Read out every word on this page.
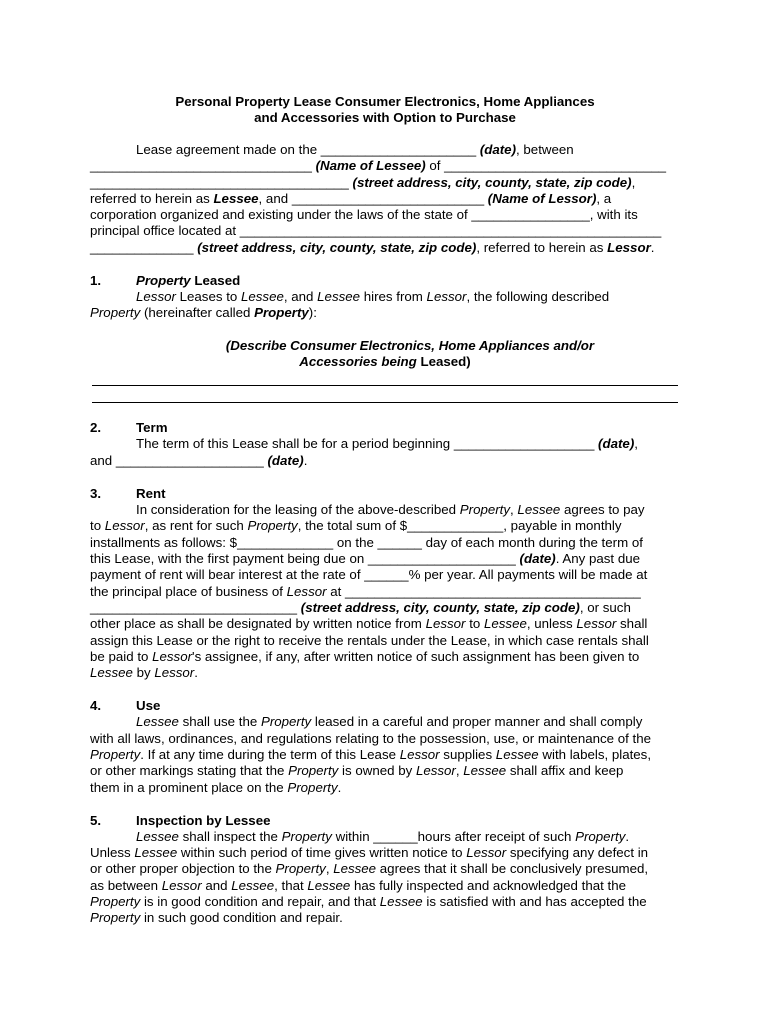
Personal Property Lease Consumer Electronics, Home Appliances

and Accessories with Option to Purchase

Lease agreement made on the _____________________ (date), between

______________________________ (Name of Lessee) of ______________________________

___________________________________ (street address, city, county, state, zip code),

referred to herein as Lessee, and __________________________ (Name of Lessor), a

corporation organized and existing under the laws of the state of ________________, with its

principal office located at _________________________________________________________

______________ (street address, city, county, state, zip code), referred to herein as Lessor.

1.	Property Leased

Lessor Leases to Lessee, and Lessee hires from Lessor, the following described

Property (hereinafter called Property):

(Describe Consumer Electronics, Home Appliances and/or

Accessories being Leased)

2.	Term

The term of this Lease shall be for a period beginning ___________________ (date),

and ____________________ (date).

3.	Rent

In consideration for the leasing of the above-described Property, Lessee agrees to pay

to Lessor, as rent for such Property, the total sum of $_____________, payable in monthly

installments as follows: $_____________ on the ______ day of each month during the term of

this Lease, with the first payment being due on ____________________ (date). Any past due

payment of rent will bear interest at the rate of ______% per year. All payments will be made at

the principal place of business of Lessor at ________________________________________

____________________________ (street address, city, county, state, zip code), or such

other place as shall be designated by written notice from Lessor to Lessee, unless Lessor shall

assign this Lease or the right to receive the rentals under the Lease, in which case rentals shall

be paid to Lessor's assignee, if any, after written notice of such assignment has been given to

Lessee by Lessor.

4.	Use

Lessee shall use the Property leased in a careful and proper manner and shall comply

with all laws, ordinances, and regulations relating to the possession, use, or maintenance of the

Property. If at any time during the term of this Lease Lessor supplies Lessee with labels, plates,

or other markings stating that the Property is owned by Lessor, Lessee shall affix and keep

them in a prominent place on the Property.

5.	Inspection by Lessee

Lessee shall inspect the Property within ______hours after receipt of such Property.

Unless Lessee within such period of time gives written notice to Lessor specifying any defect in

or other proper objection to the Property, Lessee agrees that it shall be conclusively presumed,

as between Lessor and Lessee, that Lessee has fully inspected and acknowledged that the

Property is in good condition and repair, and that Lessee is satisfied with and has accepted the

Property in such good condition and repair.
